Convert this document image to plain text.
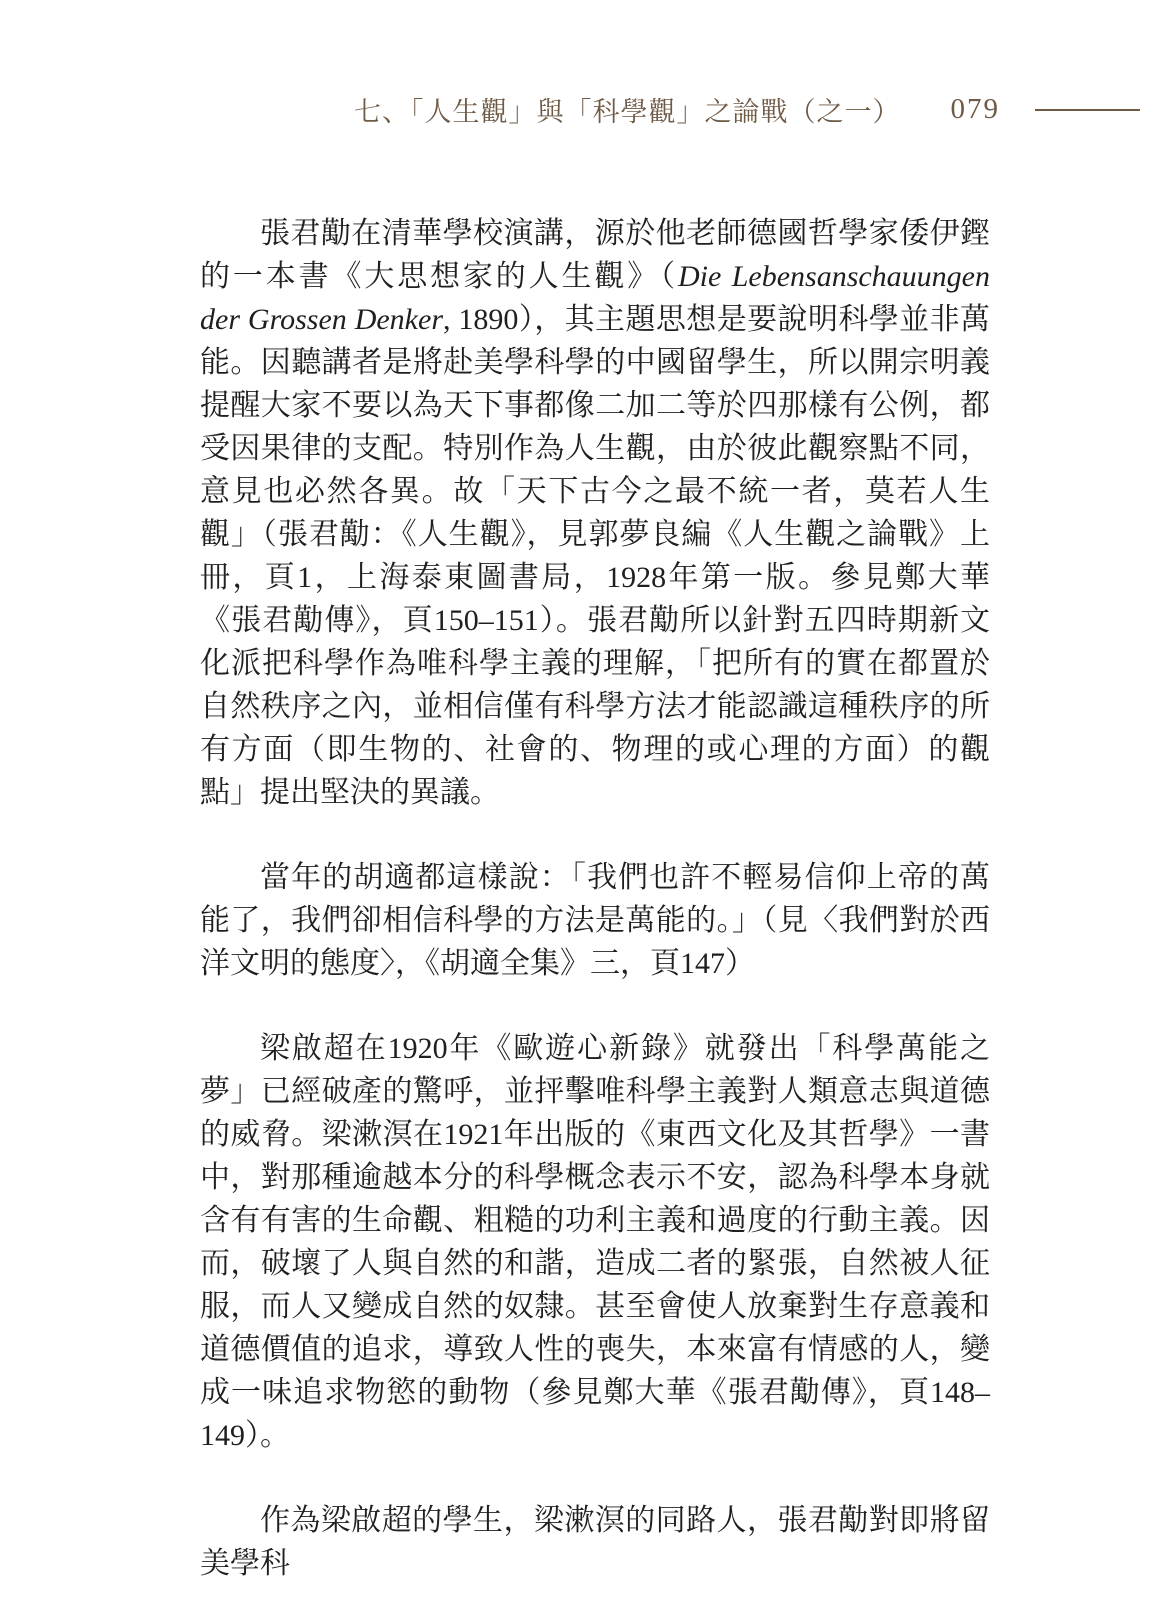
七、「人生觀」與「科學觀」之論戰（之一） 079

張君勱在清華學校演講，源於他老師德國哲學家倭伊鏗的一本書《大思想家的人生觀》（Die Lebensanschauungen der Grossen Denker, 1890），其主題思想是要說明科學並非萬能。因聽講者是將赴美學科學的中國留學生，所以開宗明義提醒大家不要以為天下事都像二加二等於四那樣有公例，都受因果律的支配。特別作為人生觀，由於彼此觀察點不同，意見也必然各異。故「天下古今之最不統一者，莫若人生觀」（張君勱：《人生觀》，見郭夢良編《人生觀之論戰》上冊，頁1，上海泰東圖書局，1928年第一版。參見鄭大華《張君勱傳》，頁150–151）。張君勱所以針對五四時期新文化派把科學作為唯科學主義的理解，「把所有的實在都置於自然秩序之內，並相信僅有科學方法才能認識這種秩序的所有方面（即生物的、社會的、物理的或心理的方面）的觀點」提出堅決的異議。

當年的胡適都這樣說：「我們也許不輕易信仰上帝的萬能了，我們卻相信科學的方法是萬能的。」（見〈我們對於西洋文明的態度〉，《胡適全集》三，頁147）

梁啟超在1920年《歐遊心新錄》就發出「科學萬能之夢」已經破產的驚呼，並抨擊唯科學主義對人類意志與道德的威脅。梁漱溟在1921年出版的《東西文化及其哲學》一書中，對那種逾越本分的科學概念表示不安，認為科學本身就含有有害的生命觀、粗糙的功利主義和過度的行動主義。因而，破壞了人與自然的和諧，造成二者的緊張，自然被人征服，而人又變成自然的奴隸。甚至會使人放棄對生存意義和道德價值的追求，導致人性的喪失，本來富有情感的人，變成一味追求物慾的動物（參見鄭大華《張君勱傳》，頁148–149）。

作為梁啟超的學生，梁漱溟的同路人，張君勱對即將留美學科
